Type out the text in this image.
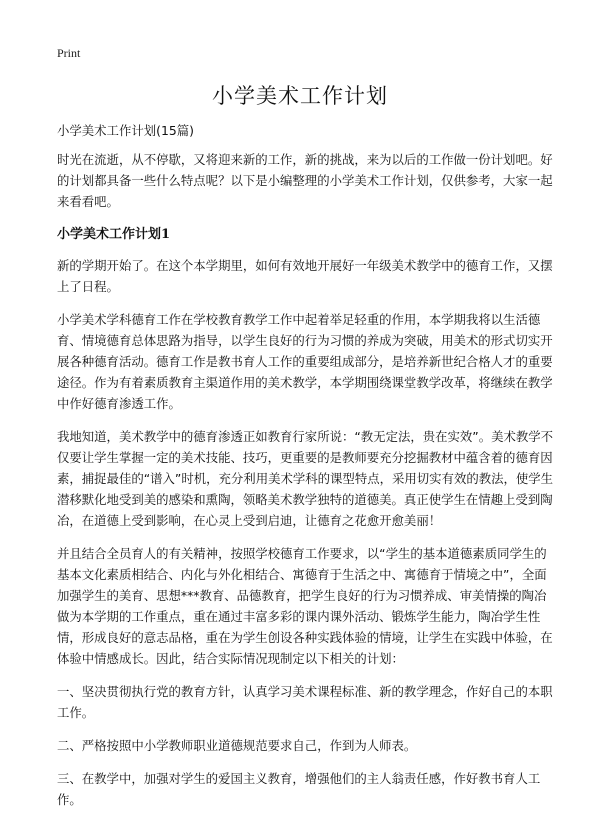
Print
小学美术工作计划

小学美术工作计划(15篇)

时光在流逝，从不停歇，又将迎来新的工作，新的挑战，来为以后的工作做一份计划吧。好的计划都具备一些什么特点呢？以下是小编整理的小学美术工作计划，仅供参考，大家一起来看看吧。

小学美术工作计划1

新的学期开始了。在这个本学期里，如何有效地开展好一年级美术教学中的德育工作，又摆上了日程。

小学美术学科德育工作在学校教育教学工作中起着举足轻重的作用，本学期我将以生活德育、情境德育总体思路为指导，以学生良好的行为习惯的养成为突破，用美术的形式切实开展各种德育活动。德育工作是教书育人工作的重要组成部分，是培养新世纪合格人才的重要途径。作为有着素质教育主渠道作用的美术教学，本学期围绕课堂教学改革，将继续在教学中作好德育渗透工作。

我地知道，美术教学中的德育渗透正如教育行家所说：“教无定法，贵在实效”。美术教学不仅要让学生掌握一定的美术技能、技巧，更重要的是教师要充分挖掘教材中蕴含着的德育因素，捕捉最佳的“谱入”时机，充分利用美术学科的课型特点，采用切实有效的教法，使学生潜移默化地受到美的感染和熏陶，领略美术教学独特的道德美。真正使学生在情趣上受到陶冶，在道德上受到影响，在心灵上受到启迪，让德育之花愈开愈美丽！

并且结合全员育人的有关精神，按照学校德育工作要求，以“学生的基本道德素质同学生的基本文化素质相结合、内化与外化相结合、寓德育于生活之中、寓德育于情境之中”，全面加强学生的美育、思想***教育、品德教育，把学生良好的行为习惯养成、审美情操的陶冶做为本学期的工作重点，重在通过丰富多彩的课内课外活动、锻炼学生能力，陶冶学生性情，形成良好的意志品格，重在为学生创设各种实践体验的情境，让学生在实践中体验，在体验中情感成长。因此，结合实际情况现制定以下相关的计划：

一、坚决贯彻执行党的教育方针，认真学习美术课程标准、新的教学理念，作好自己的本职工作。

二、严格按照中小学教师职业道德规范要求自己，作到为人师表。

三、在教学中，加强对学生的爱国主义教育，增强他们的主人翁责任感，作好教书育人工作。
